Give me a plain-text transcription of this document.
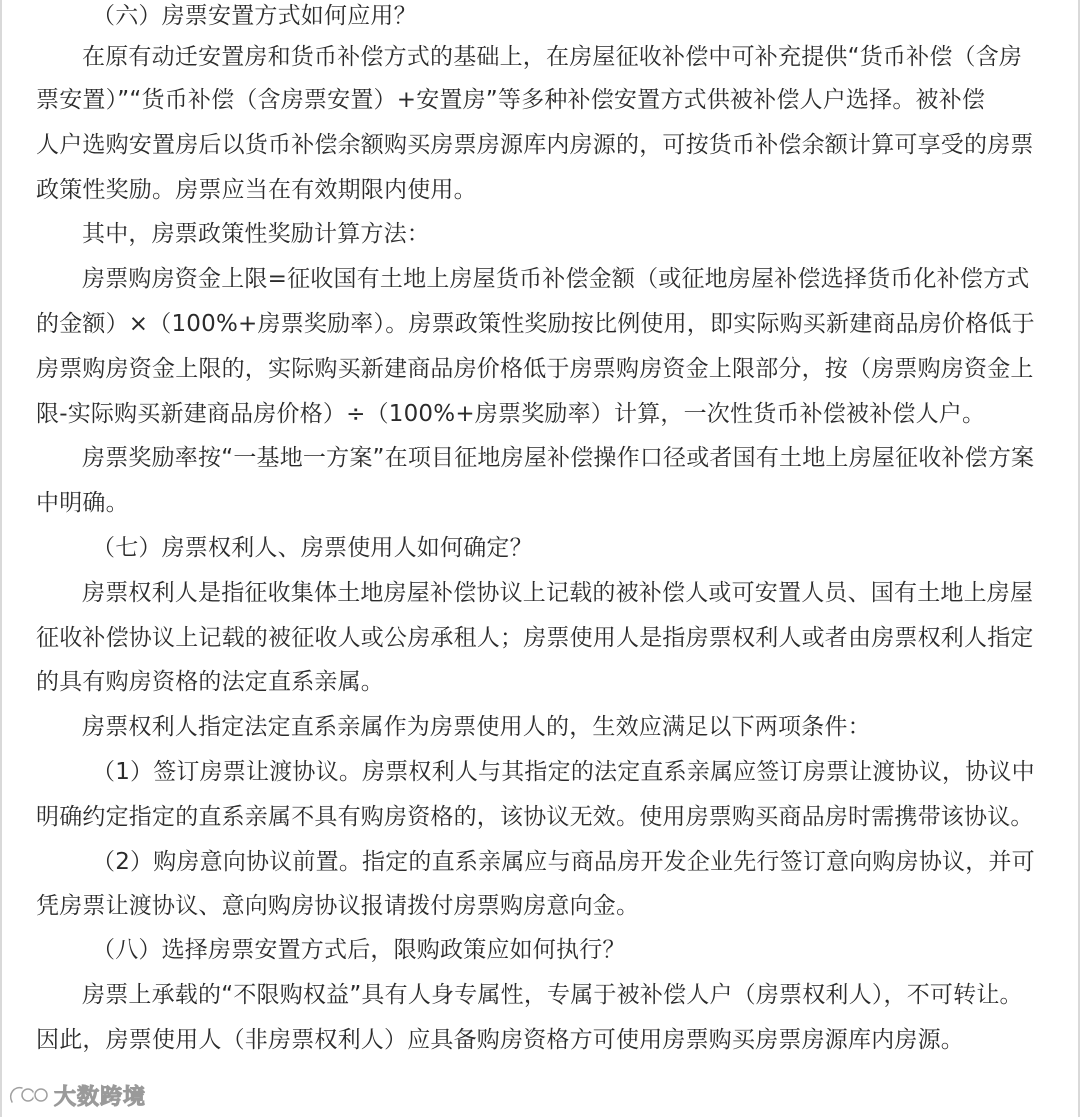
（六）房票安置方式如何应用？
在原有动迁安置房和货币补偿方式的基础上，在房屋征收补偿中可补充提供“货币补偿（含房
票安置）”“货币补偿（含房票安置）+安置房”等多种补偿安置方式供被补偿人户选择。被补偿
人户选购安置房后以货币补偿余额购买房票房源库内房源的，可按货币补偿余额计算可享受的房票
政策性奖励。房票应当在有效期限内使用。
其中，房票政策性奖励计算方法：
房票购房资金上限=征收国有土地上房屋货币补偿金额（或征地房屋补偿选择货币化补偿方式
的金额）×（100%+房票奖励率）。房票政策性奖励按比例使用，即实际购买新建商品房价格低于
房票购房资金上限的，实际购买新建商品房价格低于房票购房资金上限部分，按（房票购房资金上
限-实际购买新建商品房价格）÷（100%+房票奖励率）计算，一次性货币补偿被补偿人户。
房票奖励率按“一基地一方案”在项目征地房屋补偿操作口径或者国有土地上房屋征收补偿方案
中明确。
（七）房票权利人、房票使用人如何确定？
房票权利人是指征收集体土地房屋补偿协议上记载的被补偿人或可安置人员、国有土地上房屋
征收补偿协议上记载的被征收人或公房承租人；房票使用人是指房票权利人或者由房票权利人指定
的具有购房资格的法定直系亲属。
房票权利人指定法定直系亲属作为房票使用人的，生效应满足以下两项条件：
（1）签订房票让渡协议。房票权利人与其指定的法定直系亲属应签订房票让渡协议，协议中
明确约定指定的直系亲属不具有购房资格的，该协议无效。使用房票购买商品房时需携带该协议。
（2）购房意向协议前置。指定的直系亲属应与商品房开发企业先行签订意向购房协议，并可
凭房票让渡协议、意向购房协议报请拨付房票购房意向金。
（八）选择房票安置方式后，限购政策应如何执行？
房票上承载的“不限购权益”具有人身专属性，专属于被补偿人户（房票权利人），不可转让。
因此，房票使用人（非房票权利人）应具备购房资格方可使用房票购买房票房源库内房源。
大数跨境
